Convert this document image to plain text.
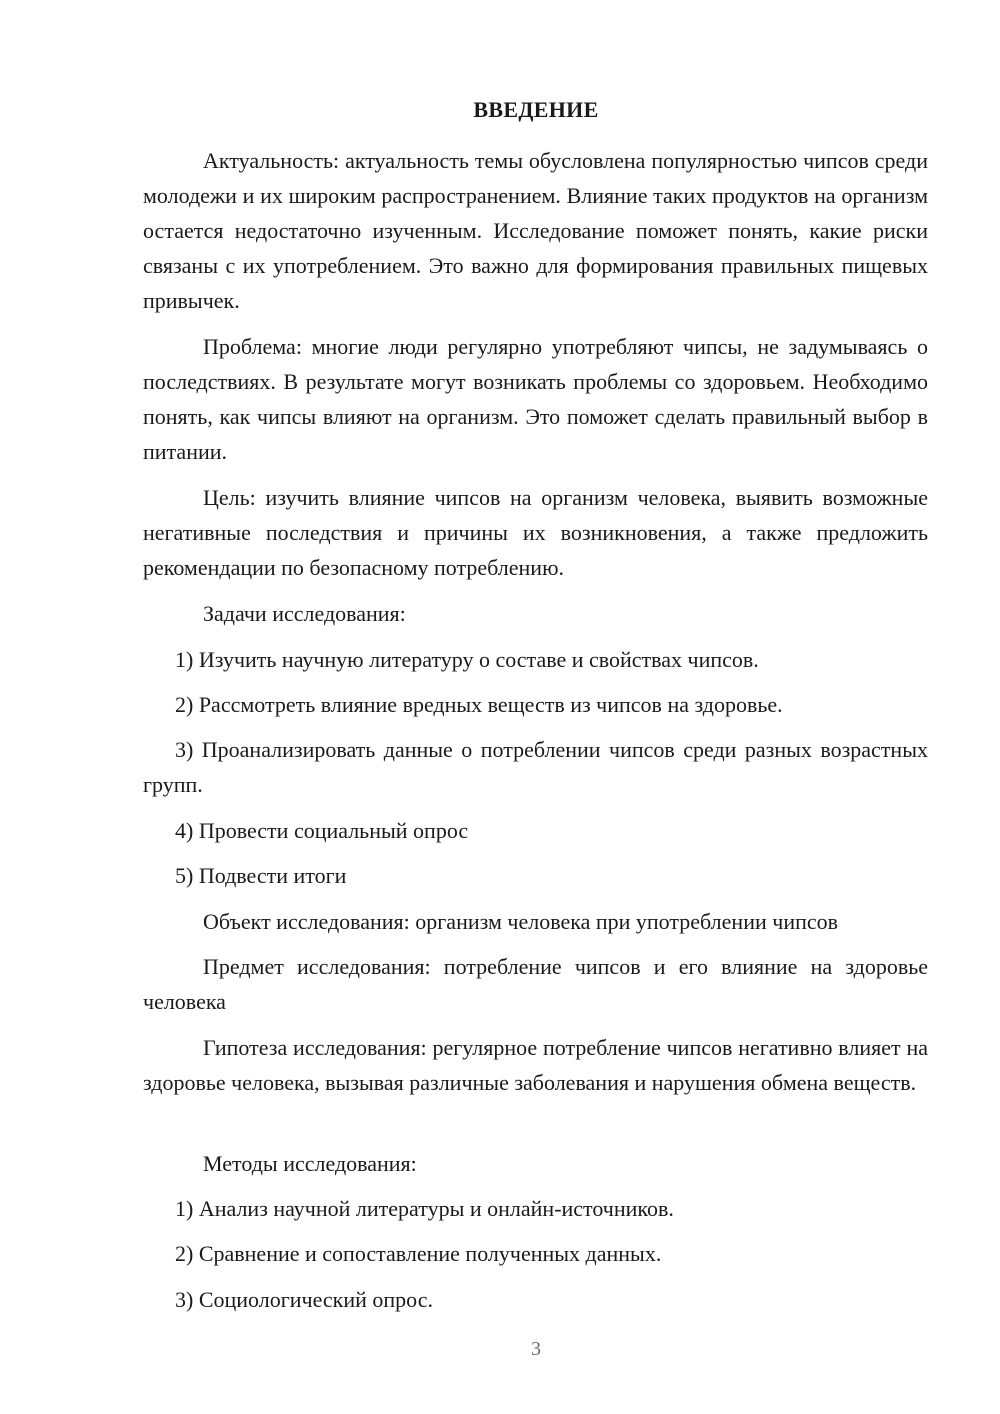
ВВЕДЕНИЕ
Актуальность: актуальность темы обусловлена популярностью чипсов среди молодежи и их широким распространением. Влияние таких продуктов на организм остается недостаточно изученным. Исследование поможет понять, какие риски связаны с их употреблением. Это важно для формирования правильных пищевых привычек.
Проблема: многие люди регулярно употребляют чипсы, не задумываясь о последствиях. В результате могут возникать проблемы со здоровьем. Необходимо понять, как чипсы влияют на организм. Это поможет сделать правильный выбор в питании.
Цель: изучить влияние чипсов на организм человека, выявить возможные негативные последствия и причины их возникновения, а также предложить рекомендации по безопасному потреблению.
Задачи исследования:
1) Изучить научную литературу о составе и свойствах чипсов.
2) Рассмотреть влияние вредных веществ из чипсов на здоровье.
3) Проанализировать данные о потреблении чипсов среди разных возрастных групп.
4) Провести социальный опрос
5) Подвести итоги
Объект исследования: организм человека при употреблении чипсов
Предмет исследования: потребление чипсов и его влияние на здоровье человека
Гипотеза исследования: регулярное потребление чипсов негативно влияет на здоровье человека, вызывая различные заболевания и нарушения обмена веществ.
Методы исследования:
1) Анализ научной литературы и онлайн-источников.
2) Сравнение и сопоставление полученных данных.
3) Социологический опрос.
3
